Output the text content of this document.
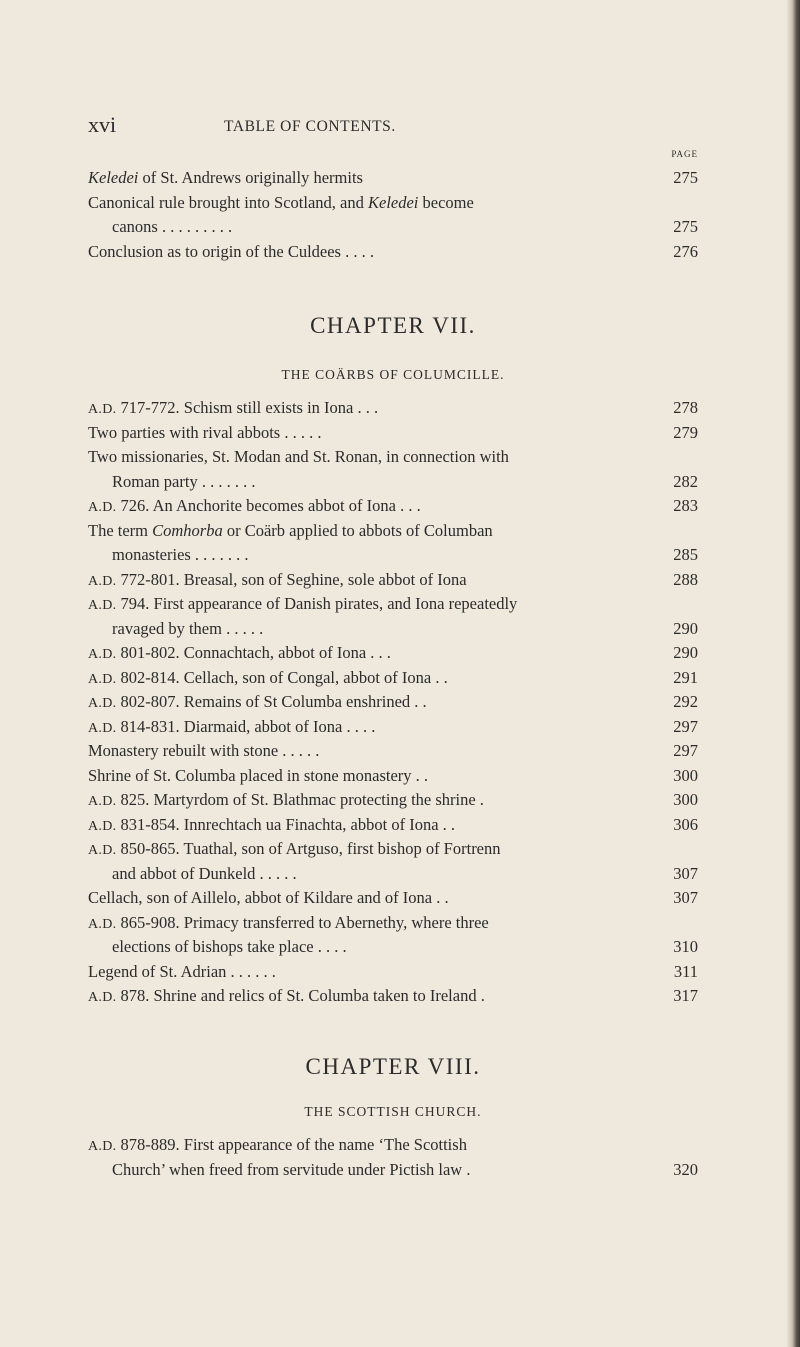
xvi	TABLE OF CONTENTS.
PAGE
Keledei of St. Andrews originally hermits	275
Canonical rule brought into Scotland, and Keledei become
canons . . . . . . . . .	275
Conclusion as to origin of the Culdees . . . .	276
CHAPTER VII.
THE COÄRBS OF COLUMCILLE.
A.D. 717-772. Schism still exists in Iona . . .	278
Two parties with rival abbots . . . . .	279
Two missionaries, St. Modan and St. Ronan, in connection with
Roman party . . . . . . .	282
A.D. 726. An Anchorite becomes abbot of Iona . . .	283
The term Comhorba or Coärb applied to abbots of Columban
monasteries . . . . . . .	285
A.D. 772-801. Breasal, son of Seghine, sole abbot of Iona	288
A.D. 794. First appearance of Danish pirates, and Iona repeatedly
ravaged by them . . . . .	290
A.D. 801-802. Connachtach, abbot of Iona . . .	290
A.D. 802-814. Cellach, son of Congal, abbot of Iona . .	291
A.D. 802-807. Remains of St Columba enshrined . .	292
A.D. 814-831. Diarmaid, abbot of Iona . . . .	297
Monastery rebuilt with stone . . . . .	297
Shrine of St. Columba placed in stone monastery . .	300
A.D. 825. Martyrdom of St. Blathmac protecting the shrine .	300
A.D. 831-854. Innrechtach ua Finachta, abbot of Iona . .	306
A.D. 850-865. Tuathal, son of Artguso, first bishop of Fortrenn
and abbot of Dunkeld . . . . .	307
Cellach, son of Aillelo, abbot of Kildare and of Iona . .	307
A.D. 865-908. Primacy transferred to Abernethy, where three
elections of bishops take place . . . .	310
Legend of St. Adrian . . . . . .	311
A.D. 878. Shrine and relics of St. Columba taken to Ireland .	317
CHAPTER VIII.
THE SCOTTISH CHURCH.
A.D. 878-889. First appearance of the name ‘The Scottish
Church’ when freed from servitude under Pictish law .	320
